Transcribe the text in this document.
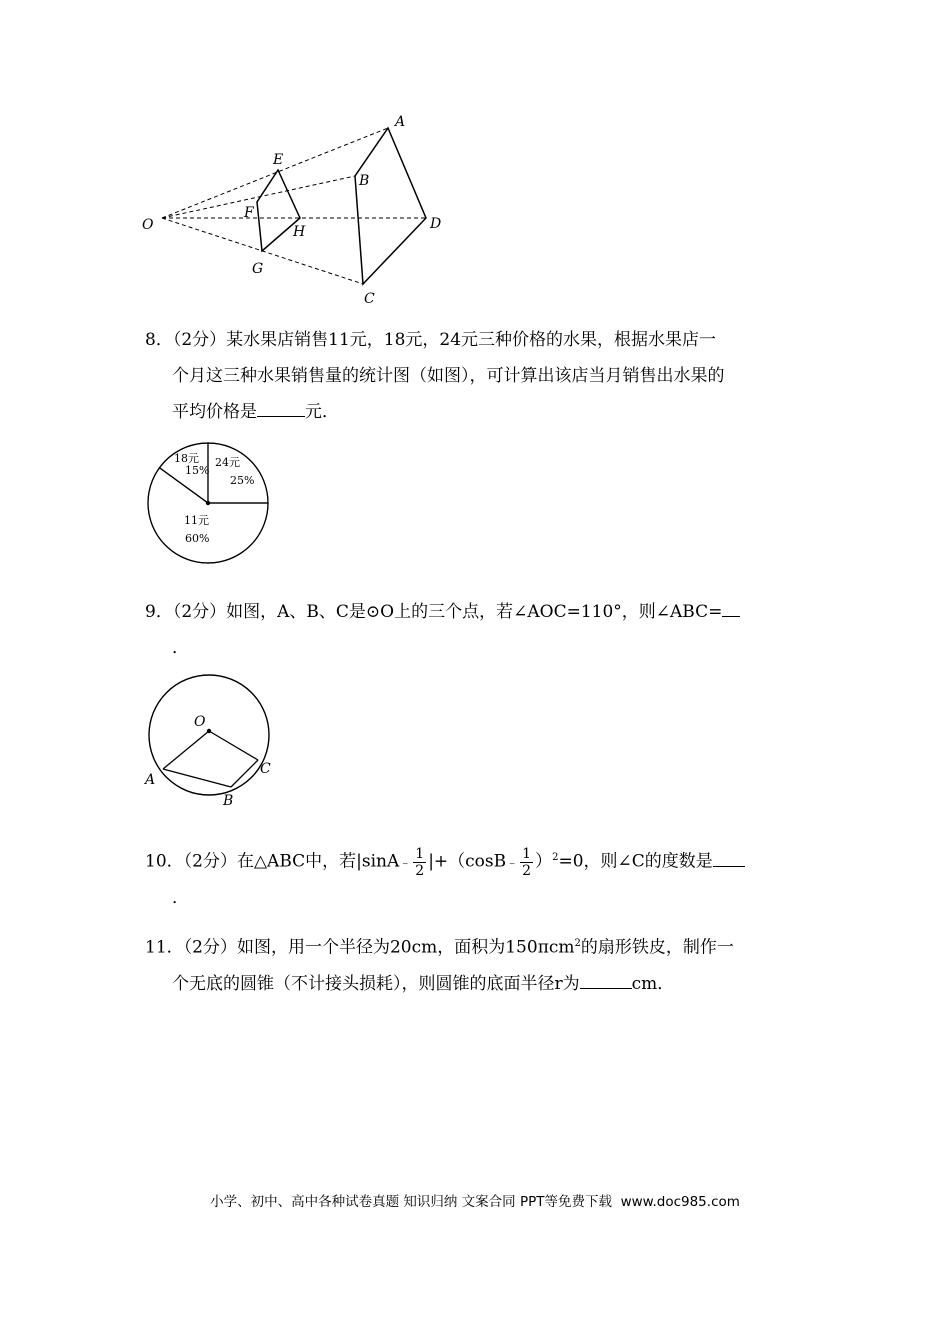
A
B
C
D
E
F
G
H
O
8．（2分）某水果店销售11元，18元，24元三种价格的水果，根据水果店一
个月这三种水果销售量的统计图（如图），可计算出该店当月销售出水果的
平均价格是	元．
18元
15%
24元
25%
11元
60%
9．（2分）如图，A、B、C是⊙O上的三个点，若∠AOC=110°，则∠ABC=
．
O
A
B
C
10．（2分）在△ABC中，若|sinA﹣ $\frac{1}{2}$ |+（cosB﹣ $\frac{1}{2} )^2=0$，则∠C的度数是
．
11．（2分）如图，用一个半径为20cm，面积为150πcm$^2$的扇形铁皮，制作一
个无底的圆锥（不计接头损耗），则圆锥的底面半径r为	cm．
小学、初中、高中各种试卷真题 知识归纳 文案合同 PPT等免费下载 www.doc985.com
